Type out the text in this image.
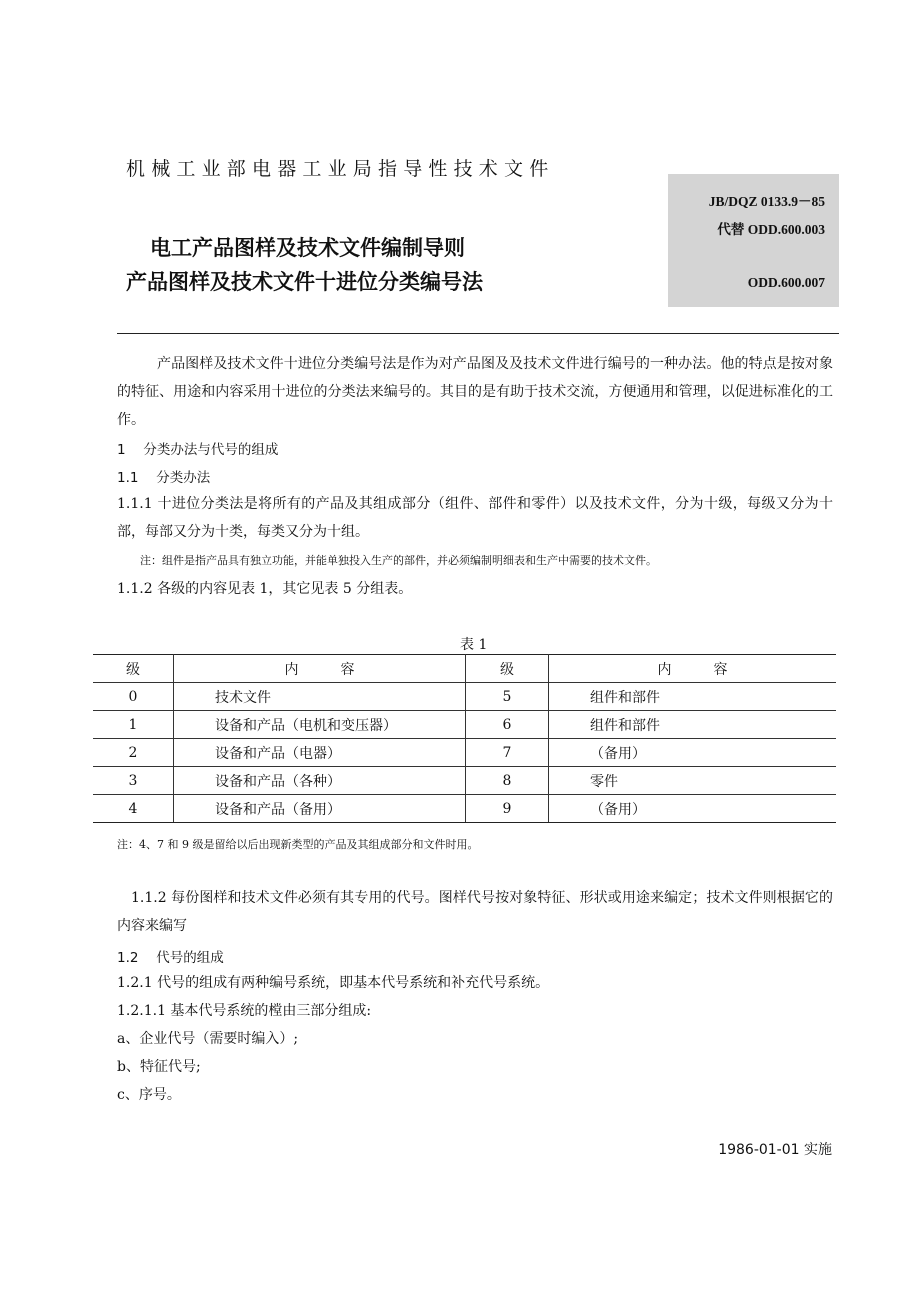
机械工业部电器工业局指导性技术文件
JB/DQZ 0133.9－85
代替 ODD.600.003
ODD.600.007
电工产品图样及技术文件编制导则
产品图样及技术文件十进位分类编号法
产品图样及技术文件十进位分类编号法是作为对产品图及及技术文件进行编号的一种办法。他的特点是按对象的特征、用途和内容采用十进位的分类法来编号的。其目的是有助于技术交流，方便通用和管理，以促进标准化的工作。
1　 分类办法与代号的组成
1.1　 分类办法
1.1.1 十进位分类法是将所有的产品及其组成部分（组件、部件和零件）以及技术文件，分为十级，每级又分为十部，每部又分为十类，每类又分为十组。
注：组件是指产品具有独立功能，并能单独投入生产的部件，并必须编制明细表和生产中需要的技术文件。
1.1.2 各级的内容见表 1，其它见表 5 分组表。
表 1
级	内　　　容	级	内　　　容
0	技术文件	5	组件和部件
1	设备和产品（电机和变压器）	6	组件和部件
2	设备和产品（电器）	7	（备用）
3	设备和产品（各种）	8	零件
4	设备和产品（备用）	9	（备用）
注：4、7 和 9 级是留给以后出现新类型的产品及其组成部分和文件时用。
1.1.2 每份图样和技术文件必须有其专用的代号。图样代号按对象特征、形状或用途来编定；技术文件则根据它的内容来编写
1.2　 代号的组成
1.2.1 代号的组成有两种编号系统，即基本代号系统和补充代号系统。
1.2.1.1 基本代号系统的樘由三部分组成:
a、企业代号（需要时编入）;
b、特征代号;
c、序号。
1986-01-01 实施
